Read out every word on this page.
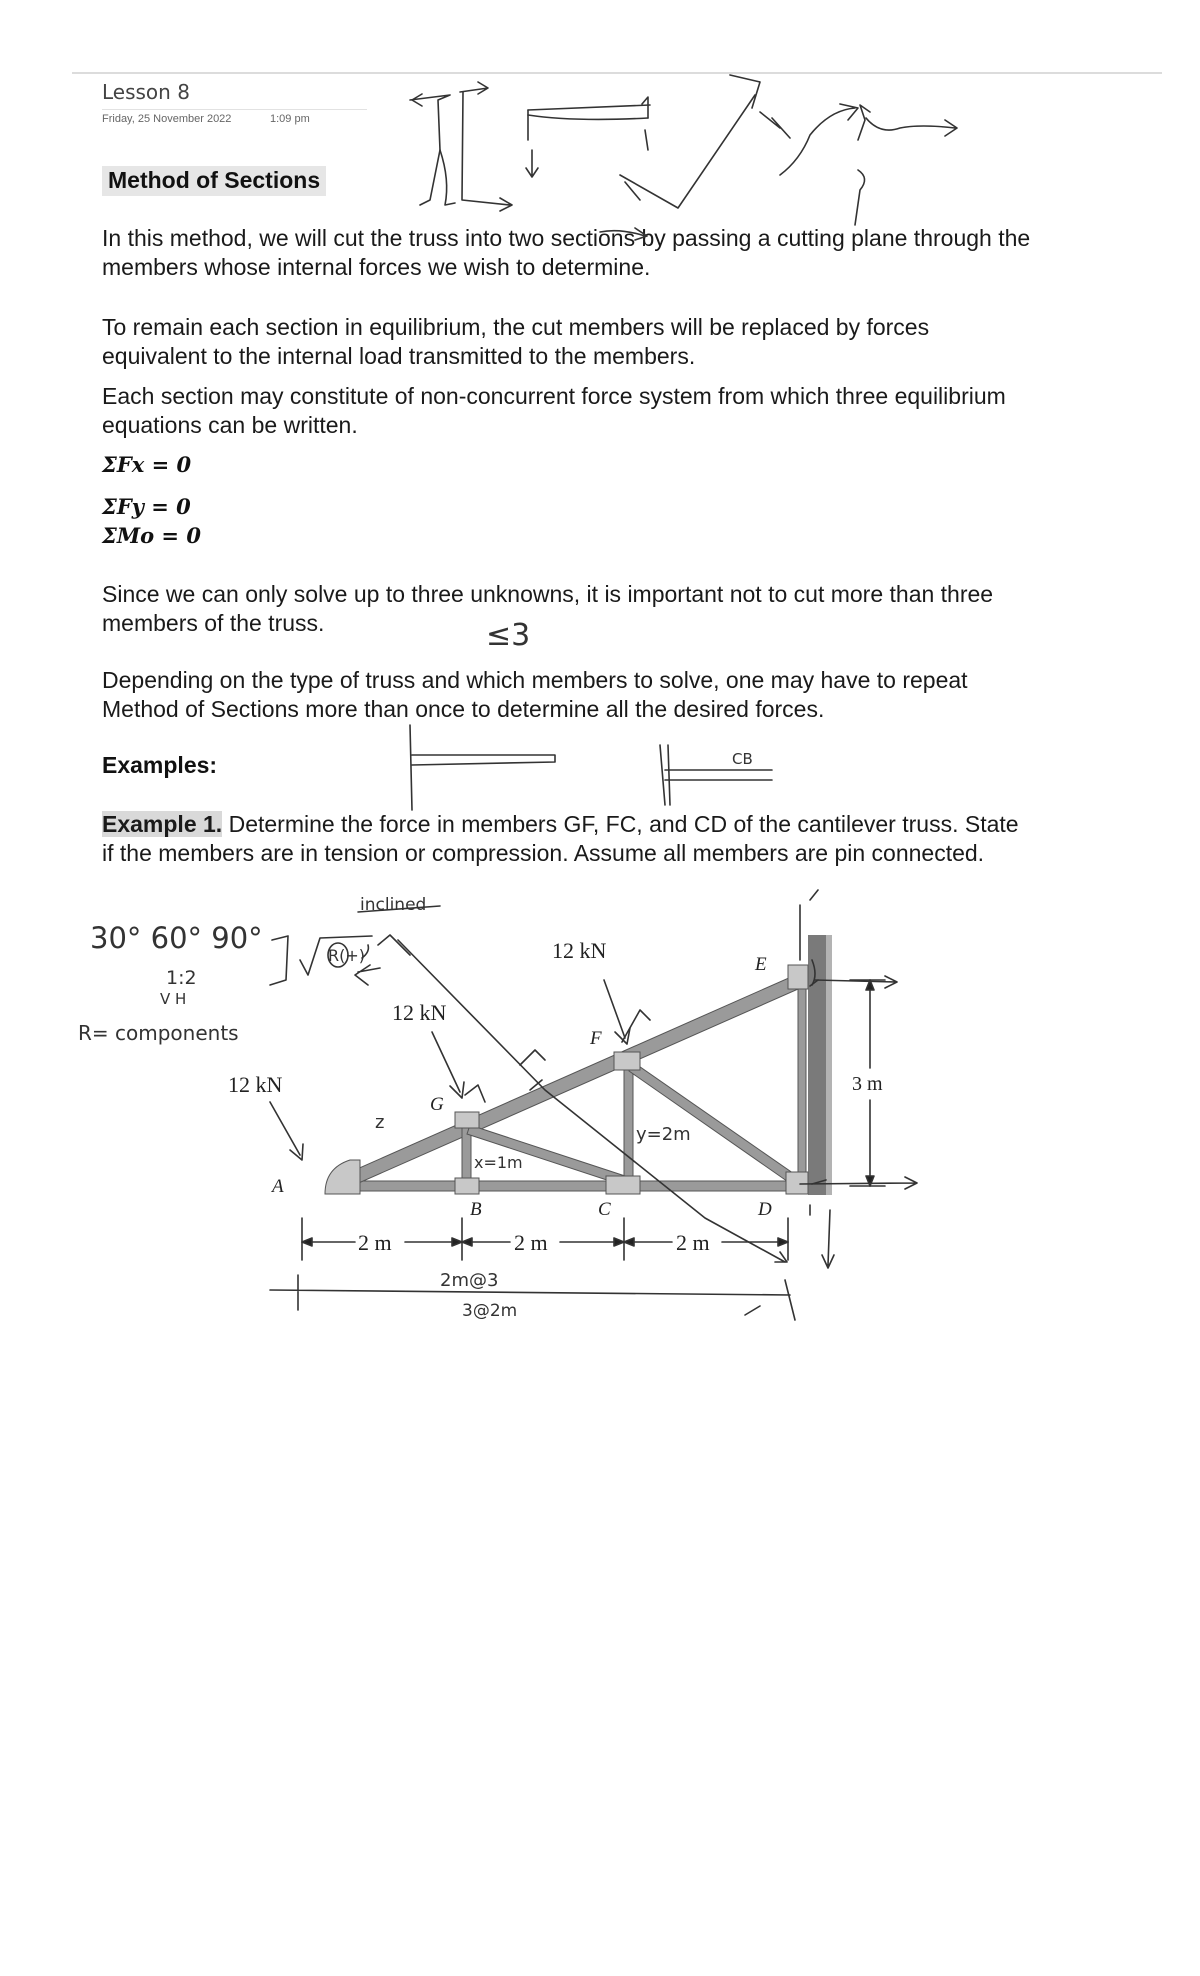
Lesson 8
Friday, 25 November 2022	1:09 pm
Method of Sections

In this method, we will cut the truss into two sections by passing a cutting plane through the members whose internal forces we wish to determine.

To remain each section in equilibrium, the cut members will be replaced by forces equivalent to the internal load transmitted to the members.

Each section may constitute of non-concurrent force system from which three equilibrium equations can be written.

ΣFx = 0
ΣFy = 0
ΣMo = 0

Since we can only solve up to three unknowns, it is important not to cut more than three members of the truss.

Depending on the type of truss and which members to solve, one may have to repeat Method of Sections more than once to determine all the desired forces.

Examples:

Example 1. Determine the force in members GF, FC, and CD of the cantilever truss. State if the members are in tension or compression. Assume all members are pin connected.

≤3
CB
inclined
30° 60° 90°
1:2
V H
R= components
R(+)
12 kN
12 kN
12 kN
A
B	C	D
E
F
G
2 m	2 m	2 m
3 m
z
x=1m
y=2m
2m@3
3@2m
